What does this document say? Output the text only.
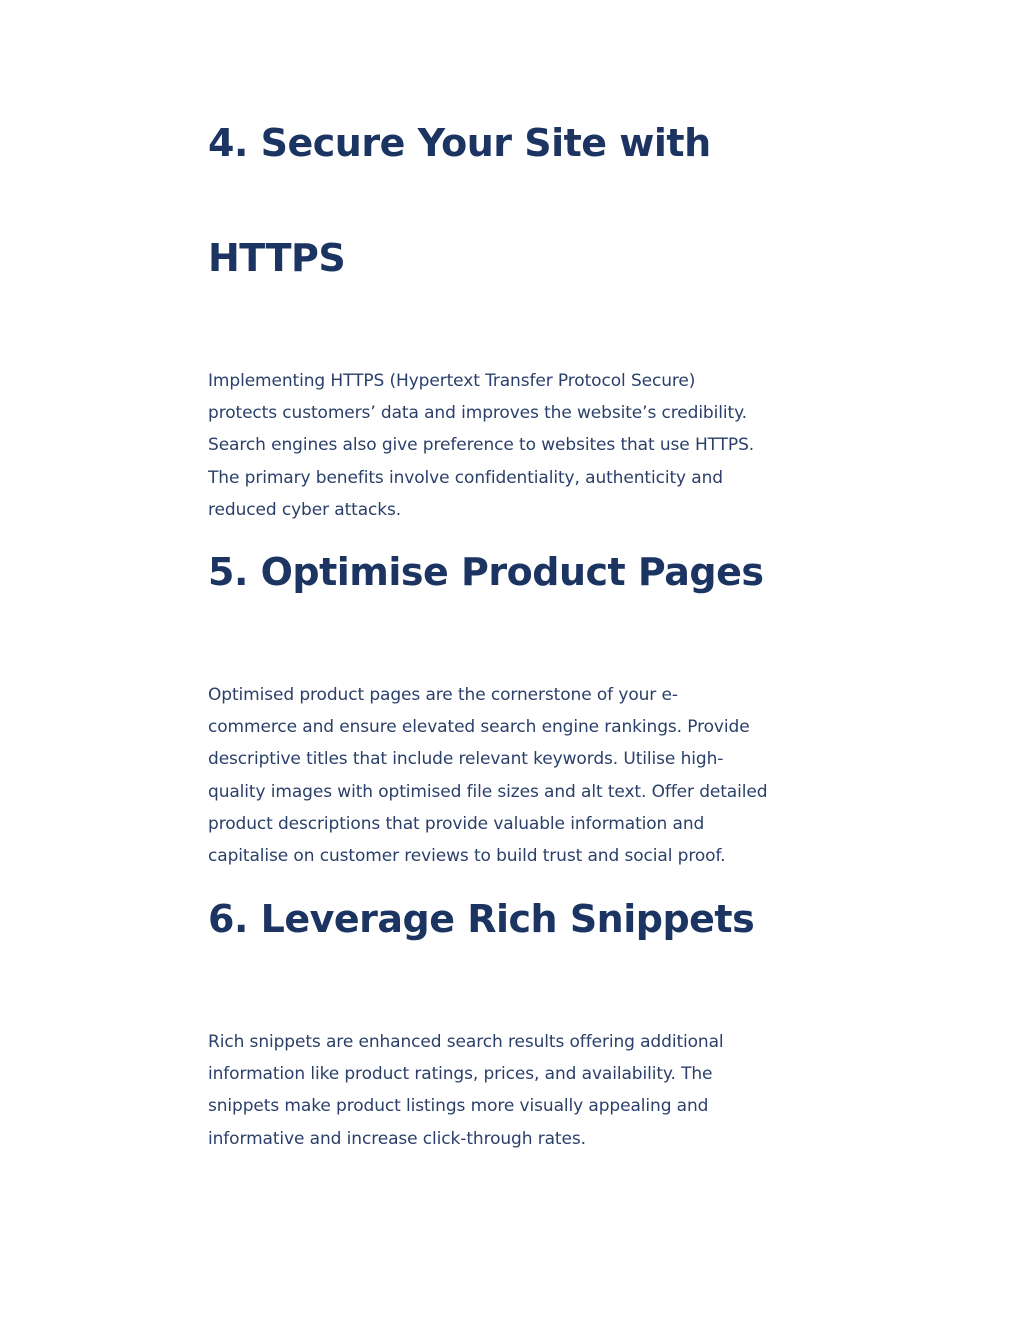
4. Secure Your Site with
HTTPS

Implementing HTTPS (Hypertext Transfer Protocol Secure)
protects customers’ data and improves the website’s credibility.
Search engines also give preference to websites that use HTTPS.
The primary benefits involve confidentiality, authenticity and
reduced cyber attacks.

5. Optimise Product Pages

Optimised product pages are the cornerstone of your e-
commerce and ensure elevated search engine rankings. Provide
descriptive titles that include relevant keywords. Utilise high-
quality images with optimised file sizes and alt text. Offer detailed
product descriptions that provide valuable information and
capitalise on customer reviews to build trust and social proof.

6. Leverage Rich Snippets

Rich snippets are enhanced search results offering additional
information like product ratings, prices, and availability. The
snippets make product listings more visually appealing and
informative and increase click-through rates.
